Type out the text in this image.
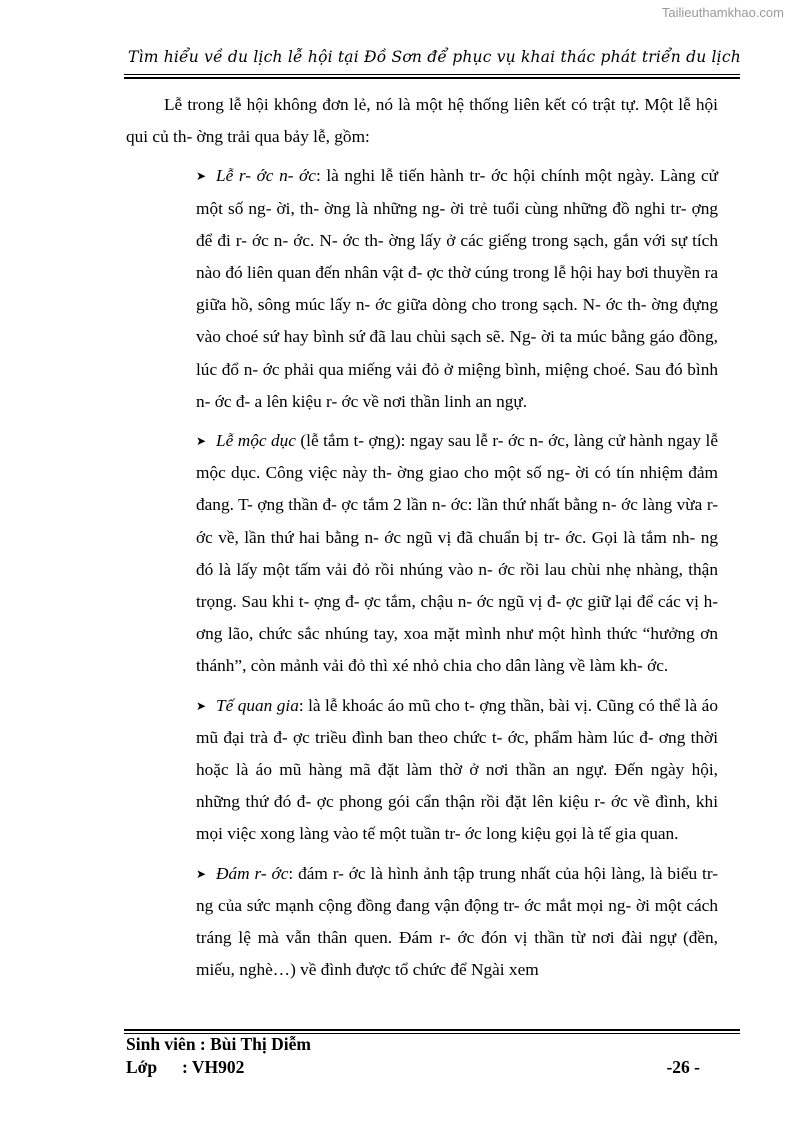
Tailieuthamkhao.com
Tìm hiểu về du lịch lễ hội tại Đồ Sơn để phục vụ khai thác phát triển du lịch

Lễ trong lễ hội không đơn lẻ, nó là một hệ thống liên kết có trật tự. Một lễ hội qui củ th- ờng trải qua bảy lễ, gồm:

➤ Lễ r- ớc n- ớc: là nghi lễ tiến hành tr- ớc hội chính một ngày. Làng cử một số ng- ời, th- ờng là những ng- ời trẻ tuổi cùng những đồ nghi tr- ợng để đi r- ớc n- ớc. N- ớc th- ờng lấy ở các giếng trong sạch, gắn với sự tích nào đó liên quan đến nhân vật đ- ợc thờ cúng trong lễ hội hay bơi thuyền ra giữa hồ, sông múc lấy n- ớc giữa dòng cho trong sạch. N- ớc th- ờng đựng vào choé sứ hay bình sứ đã lau chùi sạch sẽ. Ng- ời ta múc bằng gáo đồng, lúc đổ n- ớc phải qua miếng vải đỏ ở miệng bình, miệng choé. Sau đó bình n- ớc đ- a lên kiệu r- ớc về nơi thần linh an ngự.

➤ Lễ mộc dục (lễ tắm t- ợng): ngay sau lễ r- ớc n- ớc, làng cử hành ngay lễ mộc dục. Công việc này th- ờng giao cho một số ng- ời có tín nhiệm đảm đang. T- ợng thần đ- ợc tắm 2 lần n- ớc: lần thứ nhất bằng n- ớc làng vừa r- ớc về, lần thứ hai bằng n- ớc ngũ vị đã chuẩn bị tr- ớc. Gọi là tắm nh- ng đó là lấy một tấm vải đỏ rồi nhúng vào n- ớc rồi lau chùi nhẹ nhàng, thận trọng. Sau khi t- ợng đ- ợc tắm, chậu n- ớc ngũ vị đ- ợc giữ lại để các vị h- ơng lão, chức sắc nhúng tay, xoa mặt mình như một hình thức “hưởng ơn thánh”, còn mảnh vải đỏ thì xé nhỏ chia cho dân làng về làm kh- ớc.

➤ Tế quan gia: là lễ khoác áo mũ cho t- ợng thần, bài vị. Cũng có thể là áo mũ đại trà đ- ợc triều đình ban theo chức t- ớc, phẩm hàm lúc đ- ơng thời hoặc là áo mũ hàng mã đặt làm thờ ở nơi thần an ngự. Đến ngày hội, những thứ đó đ- ợc phong gói cẩn thận rồi đặt lên kiệu r- ớc về đình, khi mọi việc xong làng vào tế một tuần tr- ớc long kiệu gọi là tế gia quan.

➤ Đám r- ớc: đám r- ớc là hình ảnh tập trung nhất của hội làng, là biểu tr- ng của sức mạnh cộng đồng đang vận động tr- ớc mắt mọi ng- ời một cách tráng lệ mà vẫn thân quen. Đám r- ớc đón vị thần từ nơi đài ngự (đền, miếu, nghè…) về đình được tổ chức để Ngài xem

Sinh viên : Bùi Thị Diễm
Lớp : VH902	-26 -
